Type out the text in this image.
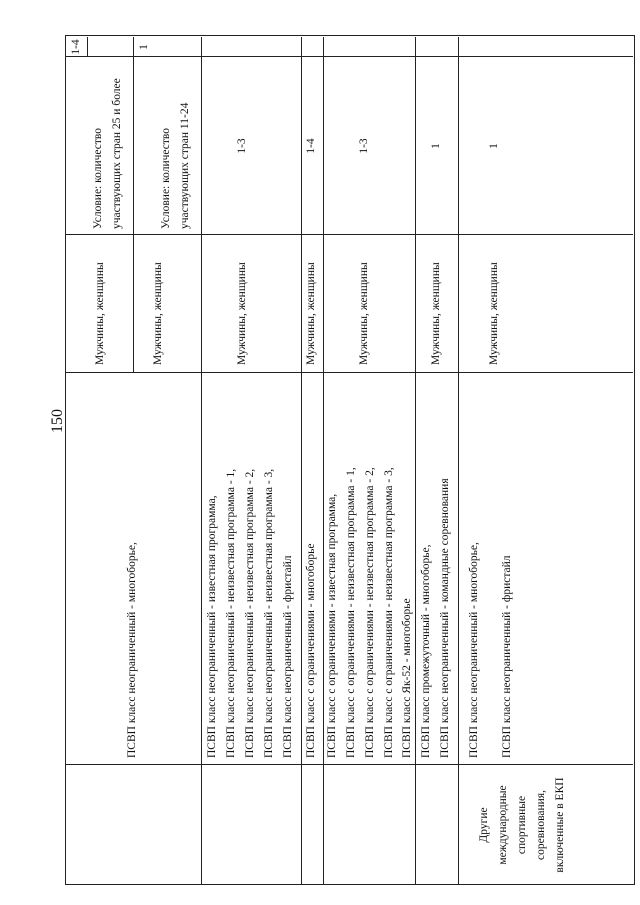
150
ПСВП класс неограниченный - многоборье,
Мужчины, женщины
1-4
Условие: количество участвующих стран 25 и более
Мужчины, женщины
1
Условие: количество участвующих стран 11-24
ПСВП класс неограниченный - известная программа, ПСВП класс неограниченный - неизвестная программа - 1, ПСВП класс неограниченный - неизвестная программа - 2, ПСВП класс неограниченный - неизвестная программа - 3, ПСВП класс неограниченный - фристайл
Мужчины, женщины
1-3
ПСВП класс с ограничениями - многоборье
Мужчины, женщины
1-4
ПСВП класс с ограничениями - известная программа, ПСВП класс с ограничениями - неизвестная программа - 1, ПСВП класс с ограничениями - неизвестная программа - 2, ПСВП класс с ограничениями - неизвестная программа - 3, ПСВП класс Як-52 - многоборье
Мужчины, женщины
1-3
ПСВП класс промежуточный - многоборье, ПСВП класс неограниченный - командные соревнования
Мужчины, женщины
1
Другие международные спортивные соревнования, включенные в ЕКП
ПСВП класс неограниченный - многоборье,	ПСВП класс неограниченный - фристайл
Мужчины, женщины
1
